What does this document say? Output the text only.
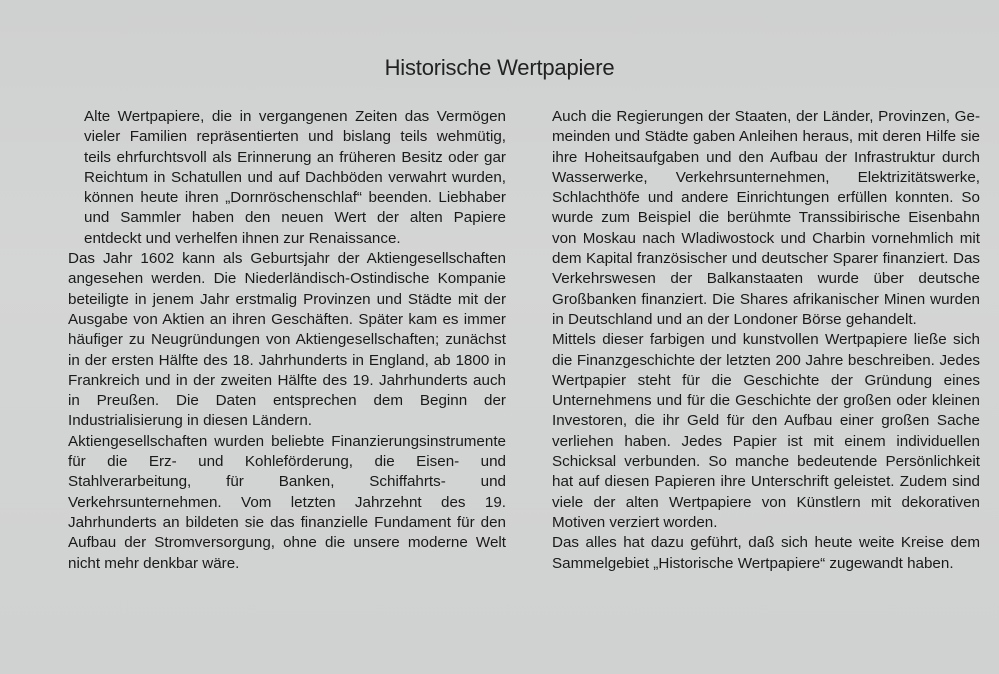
Historische Wertpapiere

Alte Wertpapiere, die in vergangenen Zeiten das Vermögen vieler Familien repräsentierten und bislang teils wehmütig, teils ehrfurchtsvoll als Erinnerung an früheren Besitz oder gar Reichtum in Schatullen und auf Dachböden verwahrt wurden, können heute ihren „Dornröschenschlaf“ beenden. Liebhaber und Sammler haben den neuen Wert der alten Papiere entdeckt und verhelfen ihnen zur Renaissance.

Das Jahr 1602 kann als Geburtsjahr der Aktiengesellschaften angesehen werden. Die Niederländisch-Ostindische Kompanie beteiligte in jenem Jahr erstmalig Provinzen und Städte mit der Ausgabe von Aktien an ihren Geschäften. Später kam es immer häufiger zu Neugründungen von Aktiengesellschaften; zunächst in der ersten Hälfte des 18. Jahrhunderts in England, ab 1800 in Frankreich und in der zweiten Hälfte des 19. Jahrhunderts auch in Preußen. Die Daten entsprechen dem Beginn der Industrialisierung in diesen Ländern.

Aktiengesellschaften wurden beliebte Finanzierungsinstrumente für die Erz- und Kohleförderung, die Eisen- und Stahlverarbeitung, für Banken, Schiffahrts- und Verkehrsunternehmen. Vom letzten Jahrzehnt des 19. Jahrhunderts an bildeten sie das finanzielle Fundament für den Aufbau der Stromversorgung, ohne die unsere moderne Welt nicht mehr denkbar wäre.

Auch die Regierungen der Staaten, der Länder, Provinzen, Gemeinden und Städte gaben Anleihen heraus, mit deren Hilfe sie ihre Hoheitsaufgaben und den Aufbau der Infrastruktur durch Wasserwerke, Verkehrsunternehmen, Elektrizitätswerke, Schlachthöfe und andere Einrichtungen erfüllen konnten. So wurde zum Beispiel die berühmte Transsibirische Eisenbahn von Moskau nach Wladiwostock und Charbin vornehmlich mit dem Kapital französischer und deutscher Sparer finanziert. Das Verkehrswesen der Balkanstaaten wurde über deutsche Großbanken finanziert. Die Shares afrikanischer Minen wurden in Deutschland und an der Londoner Börse gehandelt.

Mittels dieser farbigen und kunstvollen Wertpapiere ließe sich die Finanzgeschichte der letzten 200 Jahre beschreiben. Jedes Wertpapier steht für die Geschichte der Gründung eines Unternehmens und für die Geschichte der großen oder kleinen Investoren, die ihr Geld für den Aufbau einer großen Sache verliehen haben. Jedes Papier ist mit einem individuellen Schicksal verbunden. So manche bedeutende Persönlichkeit hat auf diesen Papieren ihre Unterschrift geleistet. Zudem sind viele der alten Wertpapiere von Künstlern mit dekorativen Motiven verziert worden.

Das alles hat dazu geführt, daß sich heute weite Kreise dem Sammelgebiet „Historische Wertpapiere“ zugewandt haben.
